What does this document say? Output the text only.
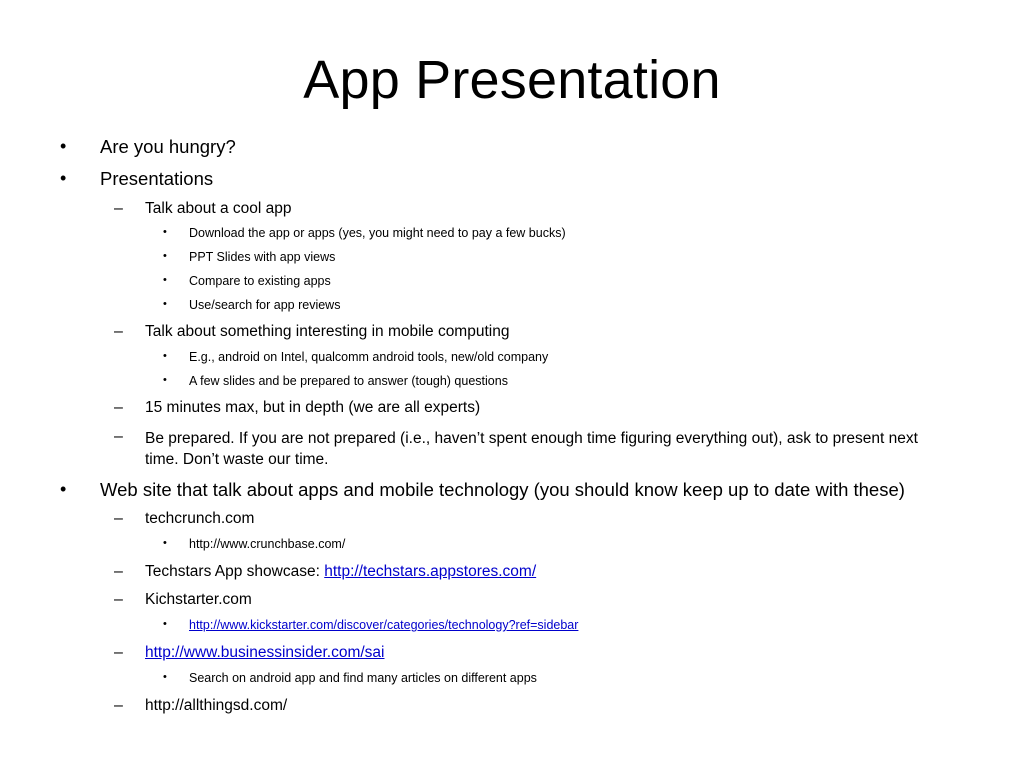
App Presentation
• Are you hungry?
• Presentations
– Talk about a cool app
• Download the app or apps (yes, you might need to pay a few bucks)
• PPT Slides with app views
• Compare to existing apps
• Use/search for app reviews
– Talk about something interesting in mobile computing
• E.g., android on Intel, qualcomm android tools, new/old company
• A few slides and be prepared to answer (tough) questions
– 15 minutes max, but in depth (we are all experts)
– Be prepared. If you are not prepared (i.e., haven’t spent enough time figuring everything out), ask to present next time. Don’t waste our time.
• Web site that talk about apps and mobile technology (you should know keep up to date with these)
– techcrunch.com
• http://www.crunchbase.com/
– Techstars App showcase: http://techstars.appstores.com/
– Kichstarter.com
• http://www.kickstarter.com/discover/categories/technology?ref=sidebar
– http://www.businessinsider.com/sai
• Search on android app and find many articles on different apps
– http://allthingsd.com/
